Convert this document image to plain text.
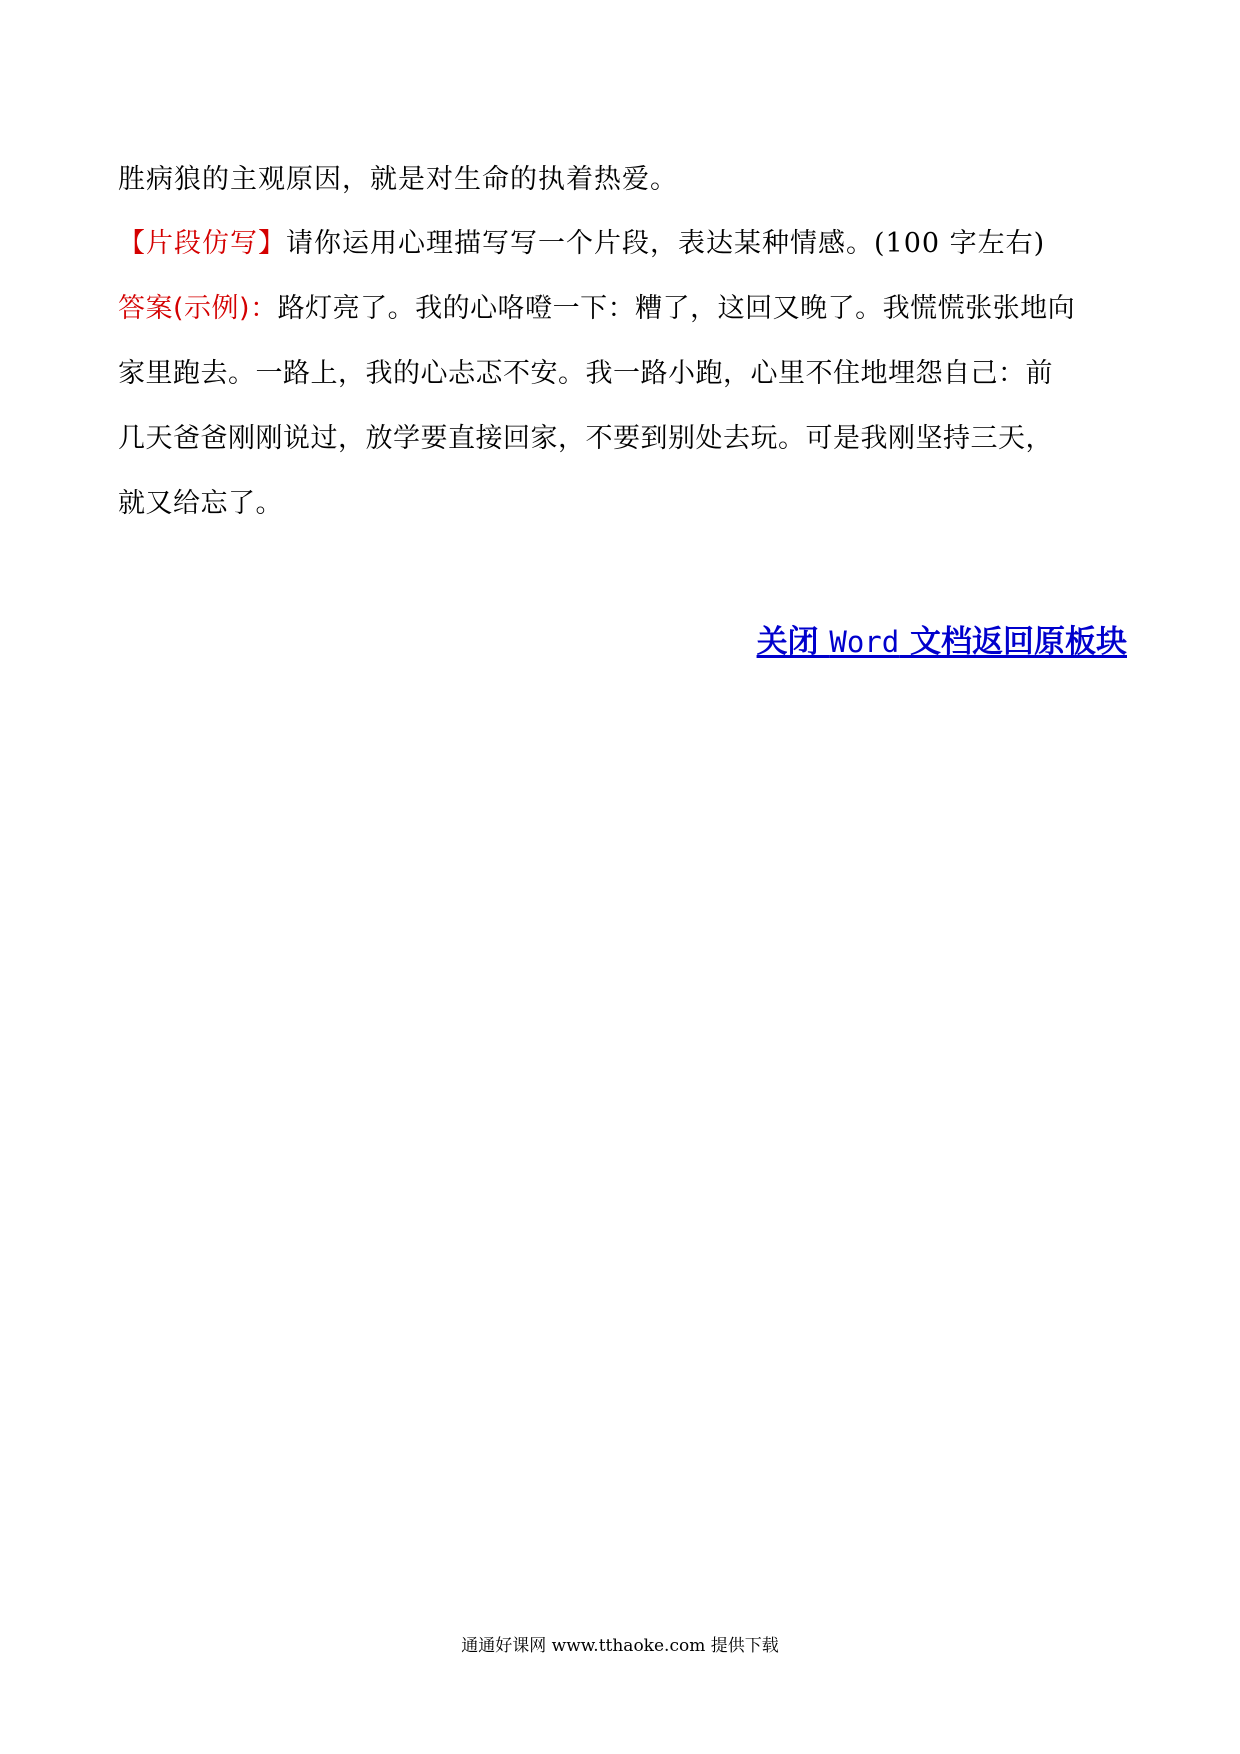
胜病狼的主观原因，就是对生命的执着热爱。
【片段仿写】请你运用心理描写写一个片段，表达某种情感。(100 字左右)
答案(示例)：路灯亮了。我的心咯噔一下：糟了，这回又晚了。我慌慌张张地向
家里跑去。一路上，我的心忐忑不安。我一路小跑，心里不住地埋怨自己：前
几天爸爸刚刚说过，放学要直接回家，不要到别处去玩。可是我刚坚持三天，
就又给忘了。
关闭 Word 文档返回原板块
通通好课网 www.tthaoke.com 提供下载
